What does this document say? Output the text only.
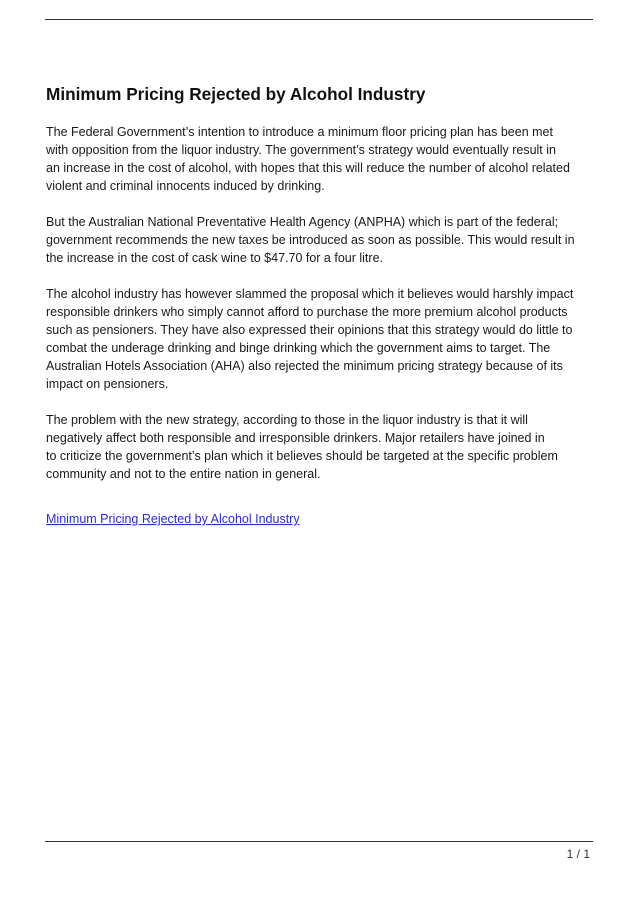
Minimum Pricing Rejected by Alcohol Industry

The Federal Government’s intention to introduce a minimum floor pricing plan has been met
with opposition from the liquor industry. The government’s strategy would eventually result in
an increase in the cost of alcohol, with hopes that this will reduce the number of alcohol related
violent and criminal innocents induced by drinking.

But the Australian National Preventative Health Agency (ANPHA) which is part of the federal;
government recommends the new taxes be introduced as soon as possible. This would result in
the increase in the cost of cask wine to $47.70 for a four litre.

The alcohol industry has however slammed the proposal which it believes would harshly impact
responsible drinkers who simply cannot afford to purchase the more premium alcohol products
such as pensioners. They have also expressed their opinions that this strategy would do little to
combat the underage drinking and binge drinking which the government aims to target. The
Australian Hotels Association (AHA) also rejected the minimum pricing strategy because of its
impact on pensioners.

The problem with the new strategy, according to those in the liquor industry is that it will
negatively affect both responsible and irresponsible drinkers. Major retailers have joined in
to criticize the government’s plan which it believes should be targeted at the specific problem
community and not to the entire nation in general.

Minimum Pricing Rejected by Alcohol Industry
1 / 1
